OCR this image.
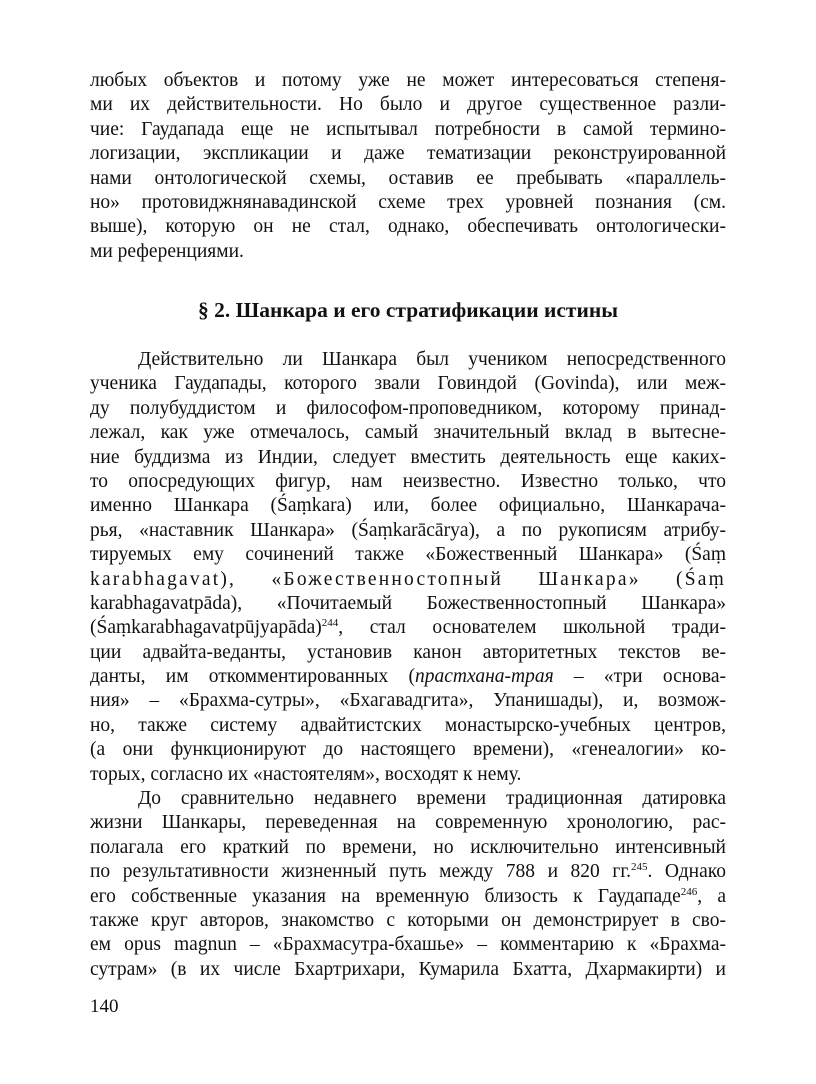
любых объектов и потому уже не может интересоваться степеня-
ми их действительности. Но было и другое существенное разли-
чие: Гаудапада еще не испытывал потребности в самой термино-
логизации, экспликации и даже тематизации реконструированной
нами онтологической схемы, оставив ее пребывать «параллель-
но» протовиджнянавадинской схеме трех уровней познания (см.
выше), которую он не стал, однако, обеспечивать онтологически-
ми референциями.
§ 2. Шанкара и его стратификации истины
Действительно ли Шанкара был учеником непосредственного
ученика Гаудапады, которого звали Говиндой (Govinda), или меж-
ду полубуддистом и философом-проповедником, которому принад-
лежал, как уже отмечалось, самый значительный вклад в вытесне-
ние буддизма из Индии, следует вместить деятельность еще каких-
то опосредующих фигур, нам неизвестно. Известно только, что
именно Шанкара (Śaṃkara) или, более официально, Шанкарача-
рья, «наставник Шанкара» (Śaṃkarācārya), а по рукописям атрибу-
тируемых ему сочинений также «Божественный Шанкара» (Śaṃ
karabhagavat), «Божественностопный Шанкара» (Śaṃ
karabhagavatpāda), «Почитаемый Божественностопный Шанкара»
(Śaṃkarabhagavatpūjyapāda)$^{244}$, стал основателем школьной тради-
ции адвайта-веданты, установив канон авторитетных текстов ве-
данты, им откомментированных (прастхана-трая – «три основа-
ния» – «Брахма-сутры», «Бхагавадгита», Упанишады), и, возмож-
но, также систему адвайтистских монастырско-учебных центров,
(а они функционируют до настоящего времени), «генеалогии» ко-
торых, согласно их «настоятелям», восходят к нему.
До сравнительно недавнего времени традиционная датировка
жизни Шанкары, переведенная на современную хронологию, рас-
полагала его краткий по времени, но исключительно интенсивный
по результативности жизненный путь между 788 и 820 гг.$^{245}$. Однако
его собственные указания на временную близость к Гаудападе$^{246}$, а
также круг авторов, знакомство с которыми он демонстрирует в сво-
ем opus magnun – «Брахмасутра-бхашье» – комментарию к «Брахма-
сутрам» (в их числе Бхартрихари, Кумарила Бхатта, Дхармакирти) и
140
